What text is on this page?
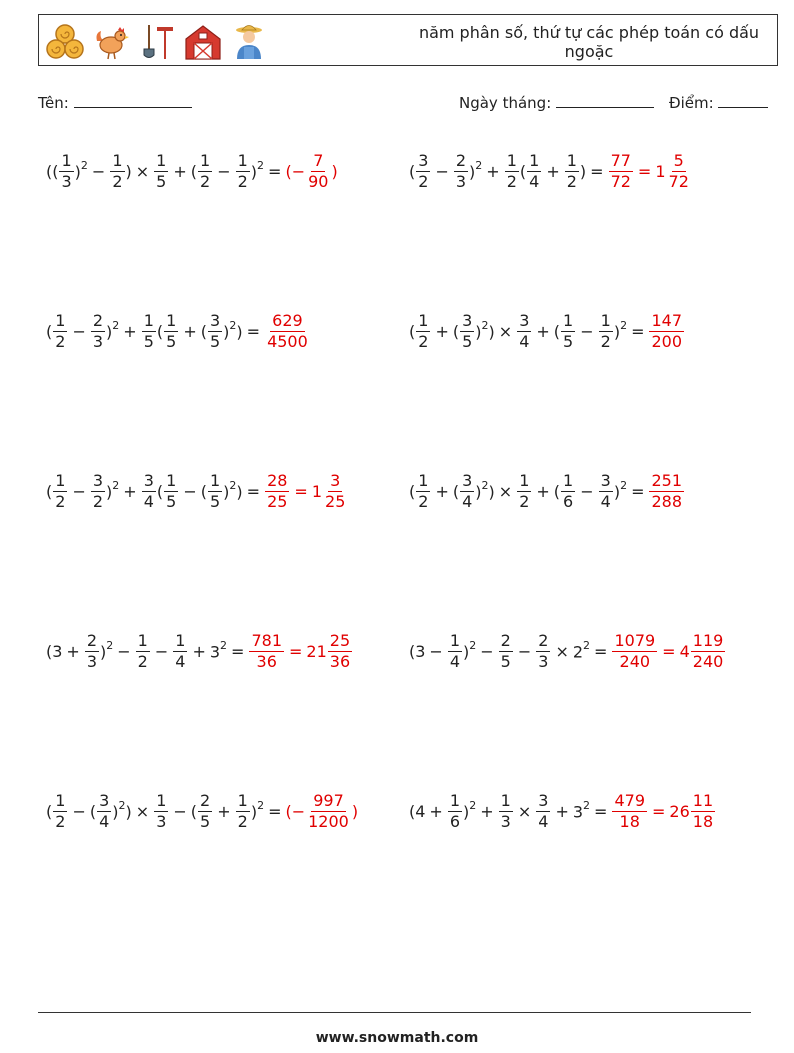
năm phân số, thứ tự các phép toán có dấu ngoặc
Tên:	Ngày tháng:	Điểm:
(( $\frac{1}{3} )^2 - \frac{1}{2}$ ) × $\frac{1}{5}$ + ( $\frac{1}{2} - \frac{1}{2} )^2$ = (− $\frac{7}{90}$ )	( $\frac{3}{2} - \frac{2}{3} )^2 + \frac{1}{2}$ ( $\frac{1}{4} + \frac{1}{2}$ ) = $\frac{77}{72} = 1 \frac{5}{72}$
( $\frac{1}{2} - \frac{2}{3} )^2 + \frac{1}{5}$ ( $\frac{1}{5}$ + ( $\frac{3}{5} )^2) = \frac{629}{4500}$	( $\frac{1}{2}$ + ( $\frac{3}{5} )^2) \times \frac{3}{4}$ + ( $\frac{1}{5} - \frac{1}{2} )^2 = \frac{147}{200}$
( $\frac{1}{2} - \frac{3}{2} )^2 + \frac{3}{4}$ ( $\frac{1}{5}$ − ( $\frac{1}{5} )^2) = \frac{28}{25} = 1 \frac{3}{25}$	( $\frac{1}{2}$ + ( $\frac{3}{4} )^2) \times \frac{1}{2}$ + ( $\frac{1}{6} - \frac{3}{4} )^2 = \frac{251}{288}$
$(3 + \frac{2}{3} )^2 - \frac{1}{2} - \frac{1}{4} + 3^2 = \frac{781}{36} = 21 \frac{25}{36}$	$(3 - \frac{1}{4} )^2 - \frac{2}{5} - \frac{2}{3} \times 2^2 = \frac{1079}{240} = 4 \frac{119}{240}$
( $\frac{1}{2}$ − ( $\frac{3}{4} )^2) \times \frac{1}{3}$ − ( $\frac{2}{5} + \frac{1}{2} )^2$ = (− $\frac{997}{1200}$ )	$(4 + \frac{1}{6} )^2 + \frac{1}{3} \times \frac{3}{4} + 3^2 = \frac{479}{18} = 26 \frac{11}{18}$
www.snowmath.com
